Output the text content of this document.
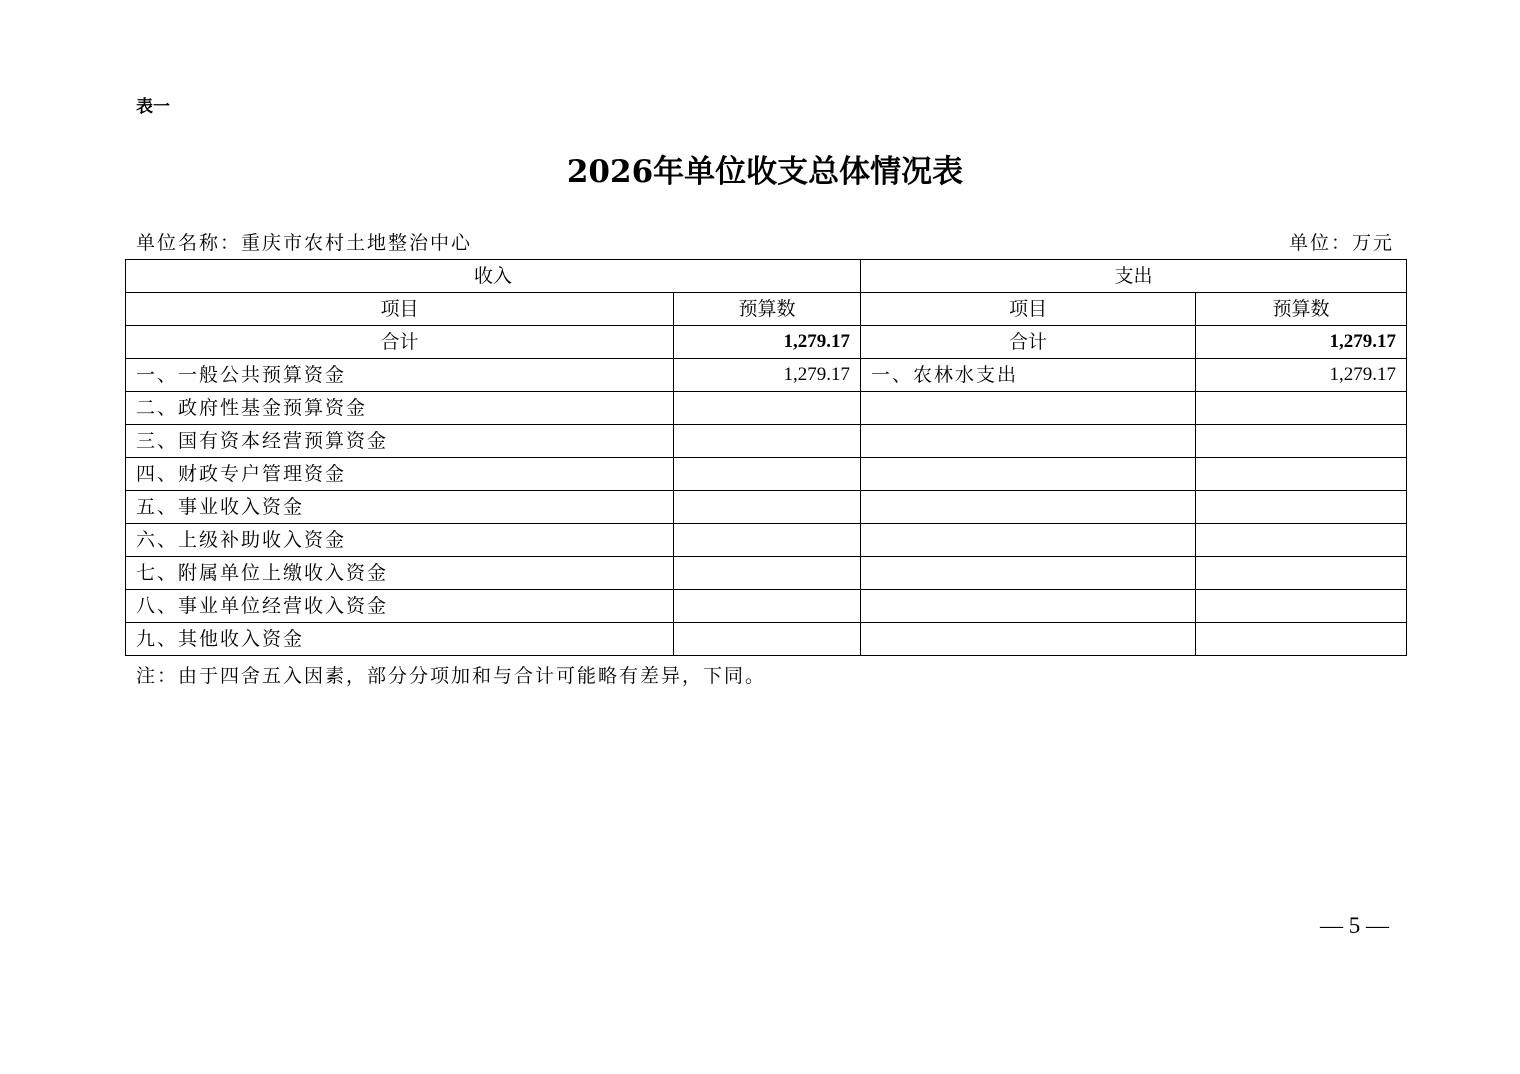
表一
2026年单位收支总体情况表
单位名称：重庆市农村土地整治中心	单位：万元
收入		支出	
项目	预算数	项目	预算数
合计	1,279.17	合计	1,279.17
一、一般公共预算资金	1,279.17	一、农林水支出	1,279.17
二、政府性基金预算资金			
三、国有资本经营预算资金			
四、财政专户管理资金			
五、事业收入资金			
六、上级补助收入资金			
七、附属单位上缴收入资金			
八、事业单位经营收入资金			
九、其他收入资金			
注：由于四舍五入因素，部分分项加和与合计可能略有差异，下同。
— 5 —
